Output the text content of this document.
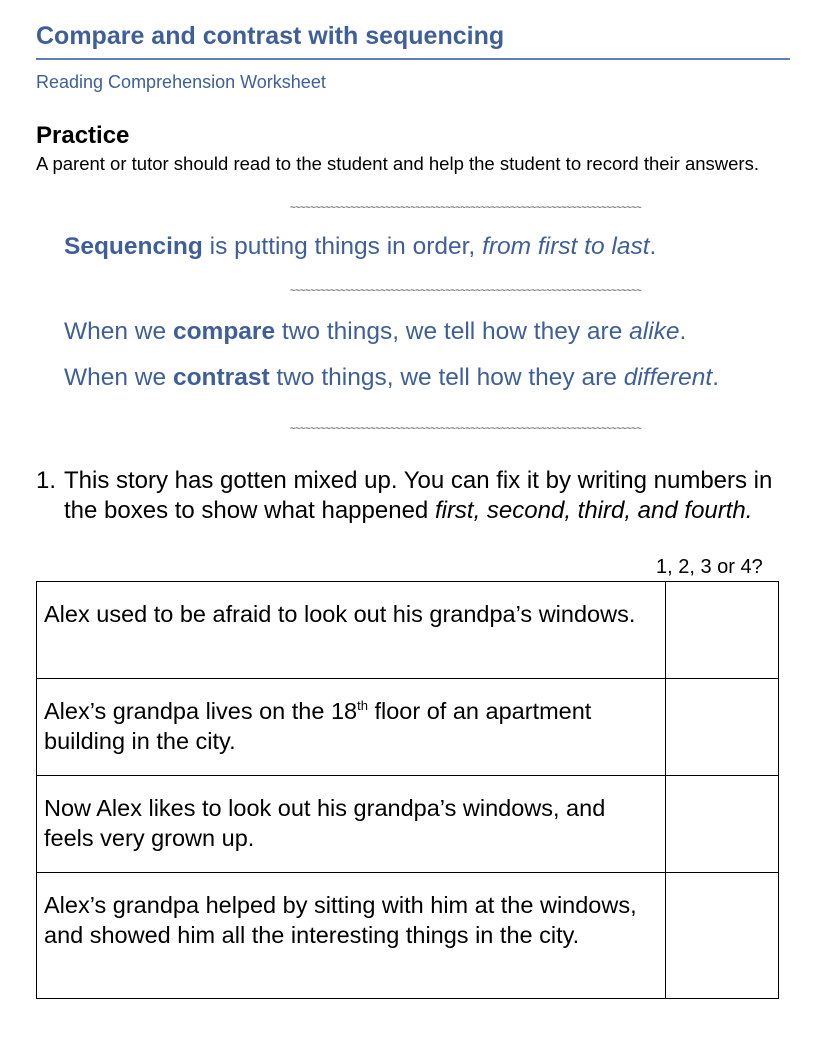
Compare and contrast with sequencing
Reading Comprehension Worksheet
Practice
A parent or tutor should read to the student and help the student to record their answers.
~~~~~~~~~~~~~~~~~~~~~~~~~~~~~~~~~~~~~~~~~~~~~~~~~~~~~~~~~~~~~~~~~~~~~~
Sequencing is putting things in order, from first to last.
~~~~~~~~~~~~~~~~~~~~~~~~~~~~~~~~~~~~~~~~~~~~~~~~~~~~~~~~~~~~~~~~~~~~~~
When we compare two things, we tell how they are alike.
When we contrast two things, we tell how they are different.
~~~~~~~~~~~~~~~~~~~~~~~~~~~~~~~~~~~~~~~~~~~~~~~~~~~~~~~~~~~~~~~~~~~~~~
1. This story has gotten mixed up. You can fix it by writing numbers in the boxes to show what happened first, second, third, and fourth.
1, 2, 3 or 4?
Alex used to be afraid to look out his grandpa’s windows.	
Alex’s grandpa lives on the 18th floor of an apartment building in the city.	
Now Alex likes to look out his grandpa’s windows, and feels very grown up.	
Alex’s grandpa helped by sitting with him at the windows, and showed him all the interesting things in the city.	
